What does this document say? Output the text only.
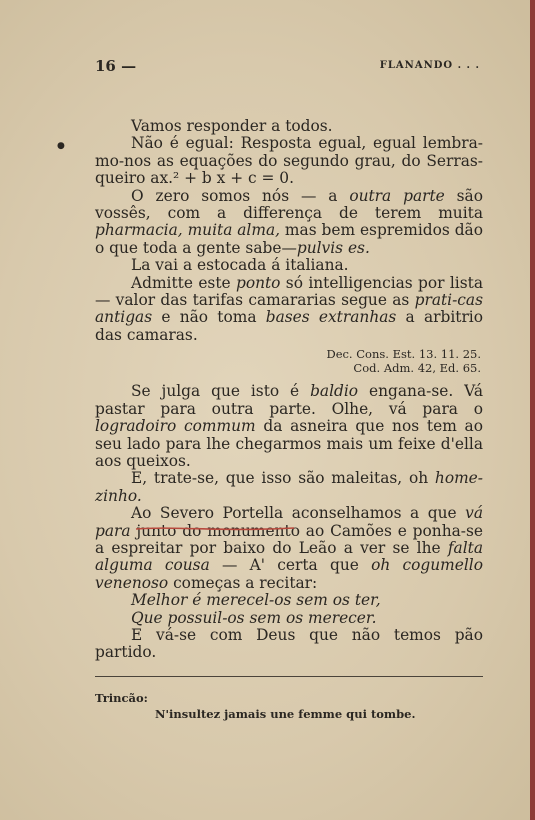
16 —	FLANANDO . . .
●

Vamos responder a todos.

Não é egual: Resposta egual, egual lembra-mo-nos as equações do segundo grau, do Serras-queiro ax.² + b x + c = 0.

O zero somos nós — a outra parte são vossês, com a differença de terem muita pharmacia, muita alma, mas bem espremidos dão o que toda a gente sabe—pulvis es.

La vai a estocada á italiana.

Admitte este ponto só intelligencias por lista — valor das tarifas camararias segue as prati-cas antigas e não toma bases extranhas a arbitrio das camaras.

Dec. Cons. Est. 13. 11. 25.
Cod. Adm. 42, Ed. 65.

Se julga que isto é baldio engana-se. Vá pastar para outra parte. Olhe, vá para o logradoiro commum da asneira que nos tem ao seu lado para lhe chegarmos mais um feixe d'ella aos queixos.

E, trate-se, que isso são maleitas, oh home-zinho.

Ao Severo Portella aconselhamos a que vá para junto do monumento ao Camões e ponha-se a espreitar por baixo do Leão a ver se lhe falta alguma cousa — A' certa que oh cogumello venenoso começas a recitar:

Melhor é merecel-os sem os ter,

Que possuil-os sem os merecer.

E vá-se com Deus que não temos pão partido.

Trincão:
N'insultez jamais une femme qui tombe.
